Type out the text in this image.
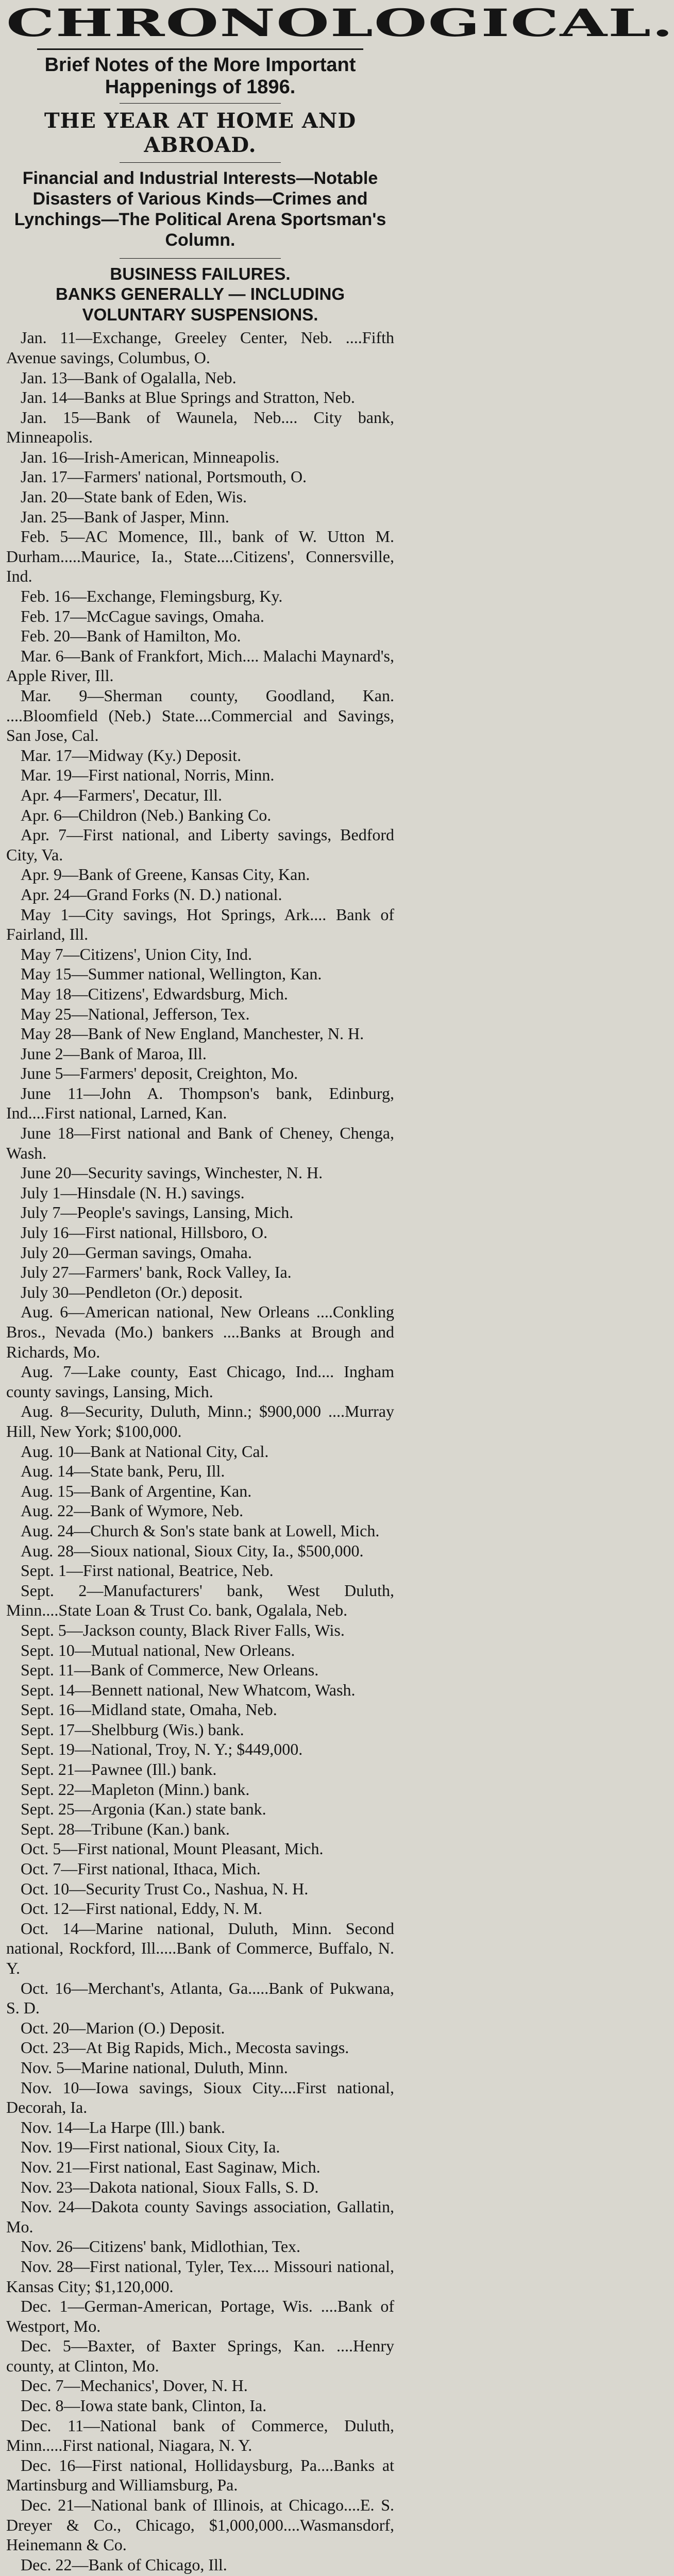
CHRONOLOGICAL.
Brief Notes of the More Important Happenings of 1896.
THE YEAR AT HOME AND ABROAD.
Financial and Industrial Interests—Notable Disasters of Various Kinds—Crimes and Lynchings—The Political Arena Sportsman's Column.
BUSINESS FAILURES.
BANKS GENERALLY — INCLUDING VOLUNTARY SUSPENSIONS.

Jan. 11—Exchange, Greeley Center, Neb. ....Fifth Avenue savings, Columbus, O.

Jan. 13—Bank of Ogalalla, Neb.

Jan. 14—Banks at Blue Springs and Stratton, Neb.

Jan. 15—Bank of Waunela, Neb.... City bank, Minneapolis.

Jan. 16—Irish-American, Minneapolis.

Jan. 17—Farmers' national, Portsmouth, O.

Jan. 20—State bank of Eden, Wis.

Jan. 25—Bank of Jasper, Minn.

Feb. 5—AC Momence, Ill., bank of W. Utton M. Durham.....Maurice, Ia., State....Citizens', Connersville, Ind.

Feb. 16—Exchange, Flemingsburg, Ky.

Feb. 17—McCague savings, Omaha.

Feb. 20—Bank of Hamilton, Mo.

Mar. 6—Bank of Frankfort, Mich.... Malachi Maynard's, Apple River, Ill.

Mar. 9—Sherman county, Goodland, Kan. ....Bloomfield (Neb.) State....Commercial and Savings, San Jose, Cal.

Mar. 17—Midway (Ky.) Deposit.

Mar. 19—First national, Norris, Minn.

Apr. 4—Farmers', Decatur, Ill.

Apr. 6—Childron (Neb.) Banking Co.

Apr. 7—First national, and Liberty savings, Bedford City, Va.

Apr. 9—Bank of Greene, Kansas City, Kan.

Apr. 24—Grand Forks (N. D.) national.

May 1—City savings, Hot Springs, Ark.... Bank of Fairland, Ill.

May 7—Citizens', Union City, Ind.

May 15—Summer national, Wellington, Kan.

May 18—Citizens', Edwardsburg, Mich.

May 25—National, Jefferson, Tex.

May 28—Bank of New England, Manchester, N. H.

June 2—Bank of Maroa, Ill.

June 5—Farmers' deposit, Creighton, Mo.

June 11—John A. Thompson's bank, Edinburg, Ind....First national, Larned, Kan.

June 18—First national and Bank of Cheney, Chenga, Wash.

June 20—Security savings, Winchester, N. H.

July 1—Hinsdale (N. H.) savings.

July 7—People's savings, Lansing, Mich.

July 16—First national, Hillsboro, O.

July 20—German savings, Omaha.

July 27—Farmers' bank, Rock Valley, Ia.

July 30—Pendleton (Or.) deposit.

Aug. 6—American national, New Orleans ....Conkling Bros., Nevada (Mo.) bankers ....Banks at Brough and Richards, Mo.

Aug. 7—Lake county, East Chicago, Ind.... Ingham county savings, Lansing, Mich.

Aug. 8—Security, Duluth, Minn.; $900,000 ....Murray Hill, New York; $100,000.

Aug. 10—Bank at National City, Cal.

Aug. 14—State bank, Peru, Ill.

Aug. 15—Bank of Argentine, Kan.

Aug. 22—Bank of Wymore, Neb.

Aug. 24—Church & Son's state bank at Lowell, Mich.

Aug. 28—Sioux national, Sioux City, Ia., $500,000.

Sept. 1—First national, Beatrice, Neb.

Sept. 2—Manufacturers' bank, West Duluth, Minn....State Loan & Trust Co. bank, Ogalala, Neb.

Sept. 5—Jackson county, Black River Falls, Wis.

Sept. 10—Mutual national, New Orleans.

Sept. 11—Bank of Commerce, New Orleans.

Sept. 14—Bennett national, New Whatcom, Wash.

Sept. 16—Midland state, Omaha, Neb.

Sept. 17—Shelbburg (Wis.) bank.

Sept. 19—National, Troy, N. Y.; $449,000.

Sept. 21—Pawnee (Ill.) bank.

Sept. 22—Mapleton (Minn.) bank.

Sept. 25—Argonia (Kan.) state bank.

Sept. 28—Tribune (Kan.) bank.

Oct. 5—First national, Mount Pleasant, Mich.

Oct. 7—First national, Ithaca, Mich.

Oct. 10—Security Trust Co., Nashua, N. H.

Oct. 12—First national, Eddy, N. M.

Oct. 14—Marine national, Duluth, Minn. Second national, Rockford, Ill.....Bank of Commerce, Buffalo, N. Y.

Oct. 16—Merchant's, Atlanta, Ga.....Bank of Pukwana, S. D.

Oct. 20—Marion (O.) Deposit.

Oct. 23—At Big Rapids, Mich., Mecosta savings.

Nov. 5—Marine national, Duluth, Minn.

Nov. 10—Iowa savings, Sioux City....First national, Decorah, Ia.

Nov. 14—La Harpe (Ill.) bank.

Nov. 19—First national, Sioux City, Ia.

Nov. 21—First national, East Saginaw, Mich.

Nov. 23—Dakota national, Sioux Falls, S. D.

Nov. 24—Dakota county Savings association, Gallatin, Mo.

Nov. 26—Citizens' bank, Midlothian, Tex.

Nov. 28—First national, Tyler, Tex.... Missouri national, Kansas City; $1,120,000.

Dec. 1—German-American, Portage, Wis. ....Bank of Westport, Mo.

Dec. 5—Baxter, of Baxter Springs, Kan. ....Henry county, at Clinton, Mo.

Dec. 7—Mechanics', Dover, N. H.

Dec. 8—Iowa state bank, Clinton, Ia.

Dec. 11—National bank of Commerce, Duluth, Minn.....First national, Niagara, N. Y.

Dec. 16—First national, Hollidaysburg, Pa....Banks at Martinsburg and Williamsburg, Pa.

Dec. 21—National bank of Illinois, at Chicago....E. S. Dreyer & Co., Chicago, $1,000,000....Wasmansdorf, Heinemann & Co.

Dec. 22—Bank of Chicago, Ill.
